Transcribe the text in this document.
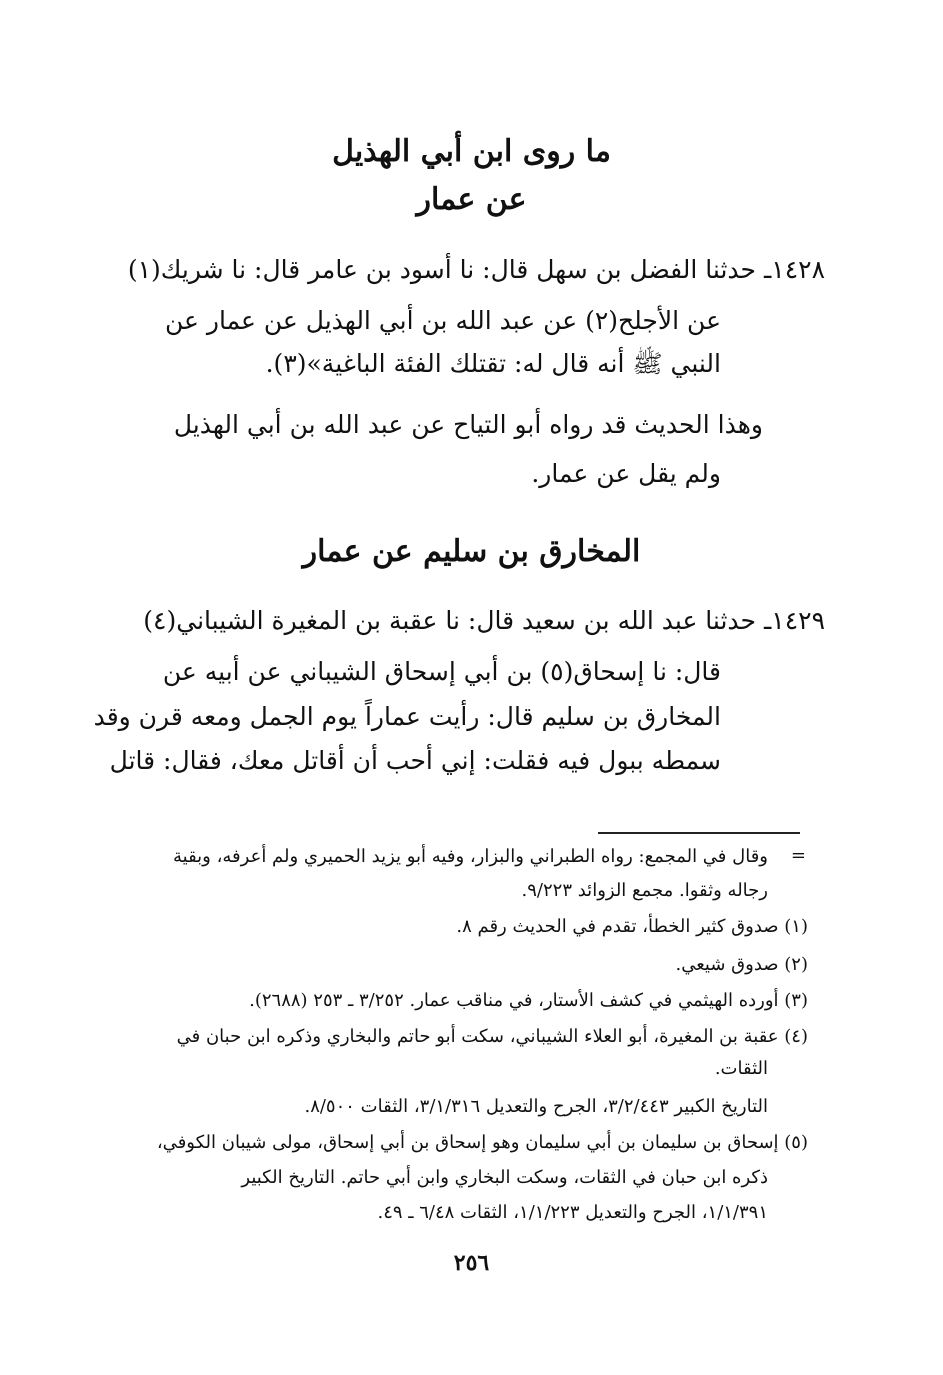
ما روى ابن أبي الهذيل
عن عمار
١٤٢٨ـ حدثنا الفضل بن سهل قال: نا أسود بن عامر قال: نا شريك(١)
عن الأجلح(٢) عن عبد الله بن أبي الهذيل عن عمار عن
النبي ﷺ أنه قال له: تقتلك الفئة الباغية»(٣).
وهذا الحديث قد رواه أبو التياح عن عبد الله بن أبي الهذيل
ولم يقل عن عمار.
المخارق بن سليم عن عمار
١٤٢٩ـ حدثنا عبد الله بن سعيد قال: نا عقبة بن المغيرة الشيباني(٤)
قال: نا إسحاق(٥) بن أبي إسحاق الشيباني عن أبيه عن
المخارق بن سليم قال: رأيت عماراً يوم الجمل ومعه قرن وقد
سمطه ببول فيه فقلت: إني أحب أن أقاتل معك، فقال: قاتل
=
وقال في المجمع: رواه الطبراني والبزار، وفيه أبو يزيد الحميري ولم أعرفه، وبقية
رجاله وثقوا. مجمع الزوائد ٩/٢٢٣.
(١) صدوق كثير الخطأ، تقدم في الحديث رقم ٨.
(٢) صدوق شيعي.
(٣) أورده الهيثمي في كشف الأستار، في مناقب عمار. ٣/٢٥٢ ـ ٢٥٣ (٢٦٨٨).
(٤) عقبة بن المغيرة، أبو العلاء الشيباني، سكت أبو حاتم والبخاري وذكره ابن حبان في
الثقات.
التاريخ الكبير ٣/٢/٤٤٣، الجرح والتعديل ٣/١/٣١٦، الثقات ٨/٥٠٠.
(٥) إسحاق بن سليمان بن أبي سليمان وهو إسحاق بن أبي إسحاق، مولى شيبان الكوفي،
ذكره ابن حبان في الثقات، وسكت البخاري وابن أبي حاتم. التاريخ الكبير
١/١/٣٩١، الجرح والتعديل ١/١/٢٢٣، الثقات ٦/٤٨ ـ ٤٩.
٢٥٦
